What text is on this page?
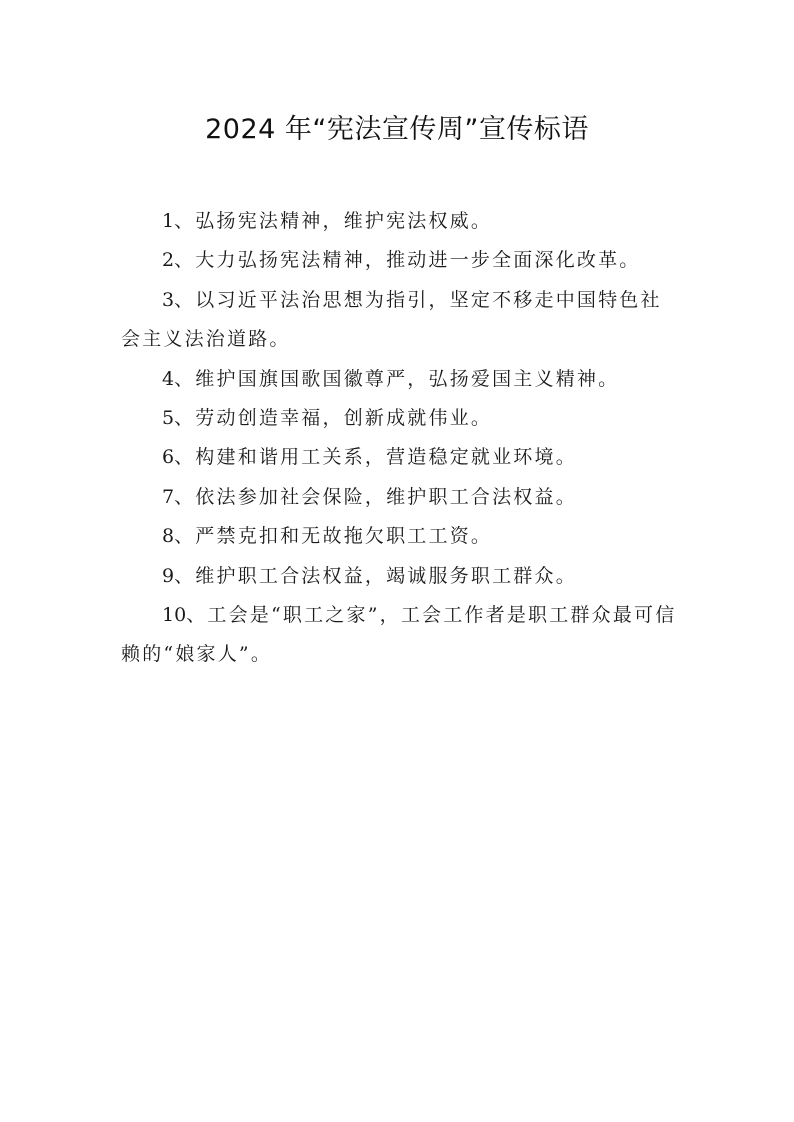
2024 年“宪法宣传周”宣传标语
1、弘扬宪法精神，维护宪法权威。
2、大力弘扬宪法精神，推动进一步全面深化改革。
3、以习近平法治思想为指引，坚定不移走中国特色社会主义法治道路。
4、维护国旗国歌国徽尊严，弘扬爱国主义精神。
5、劳动创造幸福，创新成就伟业。
6、构建和谐用工关系，营造稳定就业环境。
7、依法参加社会保险，维护职工合法权益。
8、严禁克扣和无故拖欠职工工资。
9、维护职工合法权益，竭诚服务职工群众。
10、工会是“职工之家”，工会工作者是职工群众最可信赖的“娘家人”。
